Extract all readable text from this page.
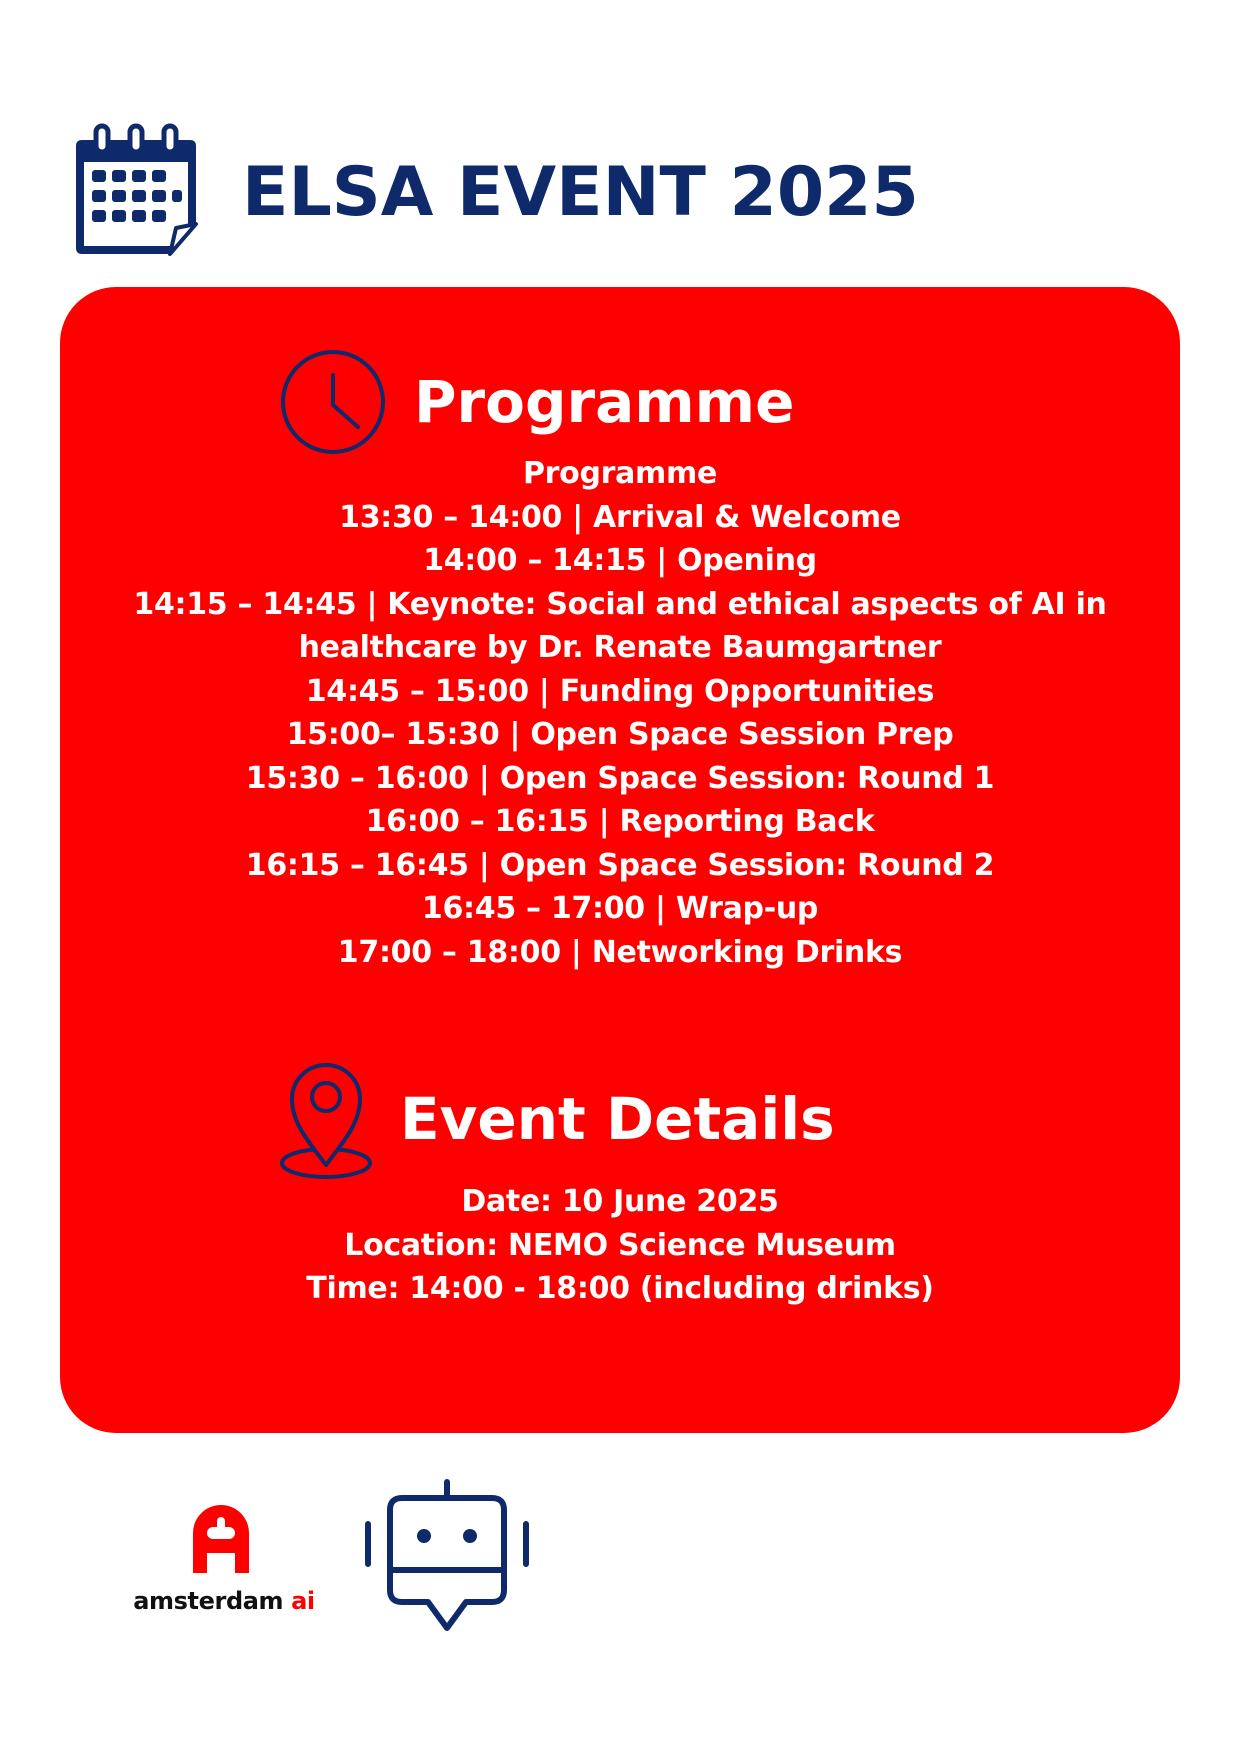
ELSA EVENT 2025
Programme
Programme
13:30 – 14:00 | Arrival & Welcome
14:00 – 14:15 | Opening
14:15 – 14:45 | Keynote: Social and ethical aspects of AI in
healthcare by Dr. Renate Baumgartner
14:45 – 15:00 | Funding Opportunities
15:00– 15:30 | Open Space Session Prep
15:30 – 16:00 | Open Space Session: Round 1
16:00 – 16:15 | Reporting Back
16:15 – 16:45 | Open Space Session: Round 2
16:45 – 17:00 | Wrap-up
17:00 – 18:00 | Networking Drinks
Event Details
Date: 10 June 2025
Location: NEMO Science Museum
Time: 14:00 - 18:00 (including drinks)
amsterdam ai
